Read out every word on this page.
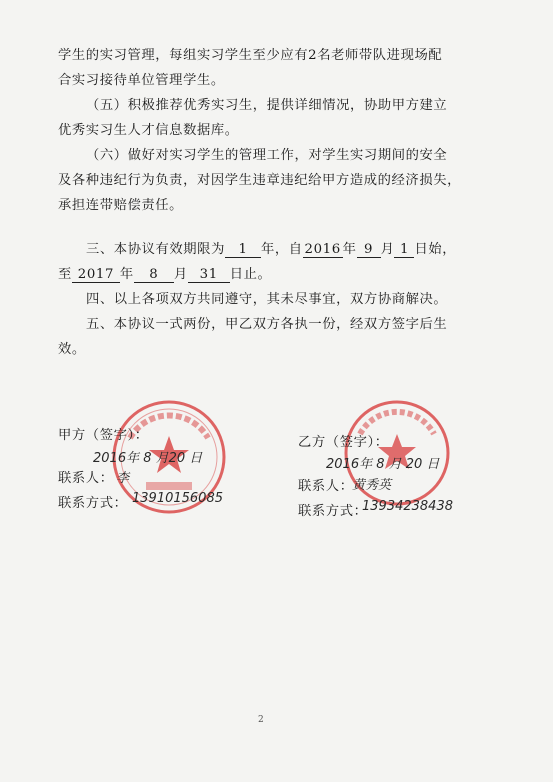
学生的实习管理，每组实习学生至少应有2名老师带队进现场配
合实习接待单位管理学生。
（五）积极推荐优秀实习生，提供详细情况，协助甲方建立
优秀实习生人才信息数据库。
（六）做好对实习学生的管理工作，对学生实习期间的安全
及各种违纪行为负责，对因学生违章违纪给甲方造成的经济损失，
承担连带赔偿责任。
三、本协议有效期限为 1 年，自 2016 年 9 月 1 日始，
至 2017 年 8 月 31 日止。
四、以上各项双方共同遵守，其未尽事宜，双方协商解决。
五、本协议一式两份，甲乙双方各执一份，经双方签字后生
效。
甲方（签字）：
2016年 8 月20 日
联系人： 李
联系方式： 13910156085
乙方（签字）：
2016年 8 月 20 日
联系人：
黄秀英
联系方式：
13934238438
2
